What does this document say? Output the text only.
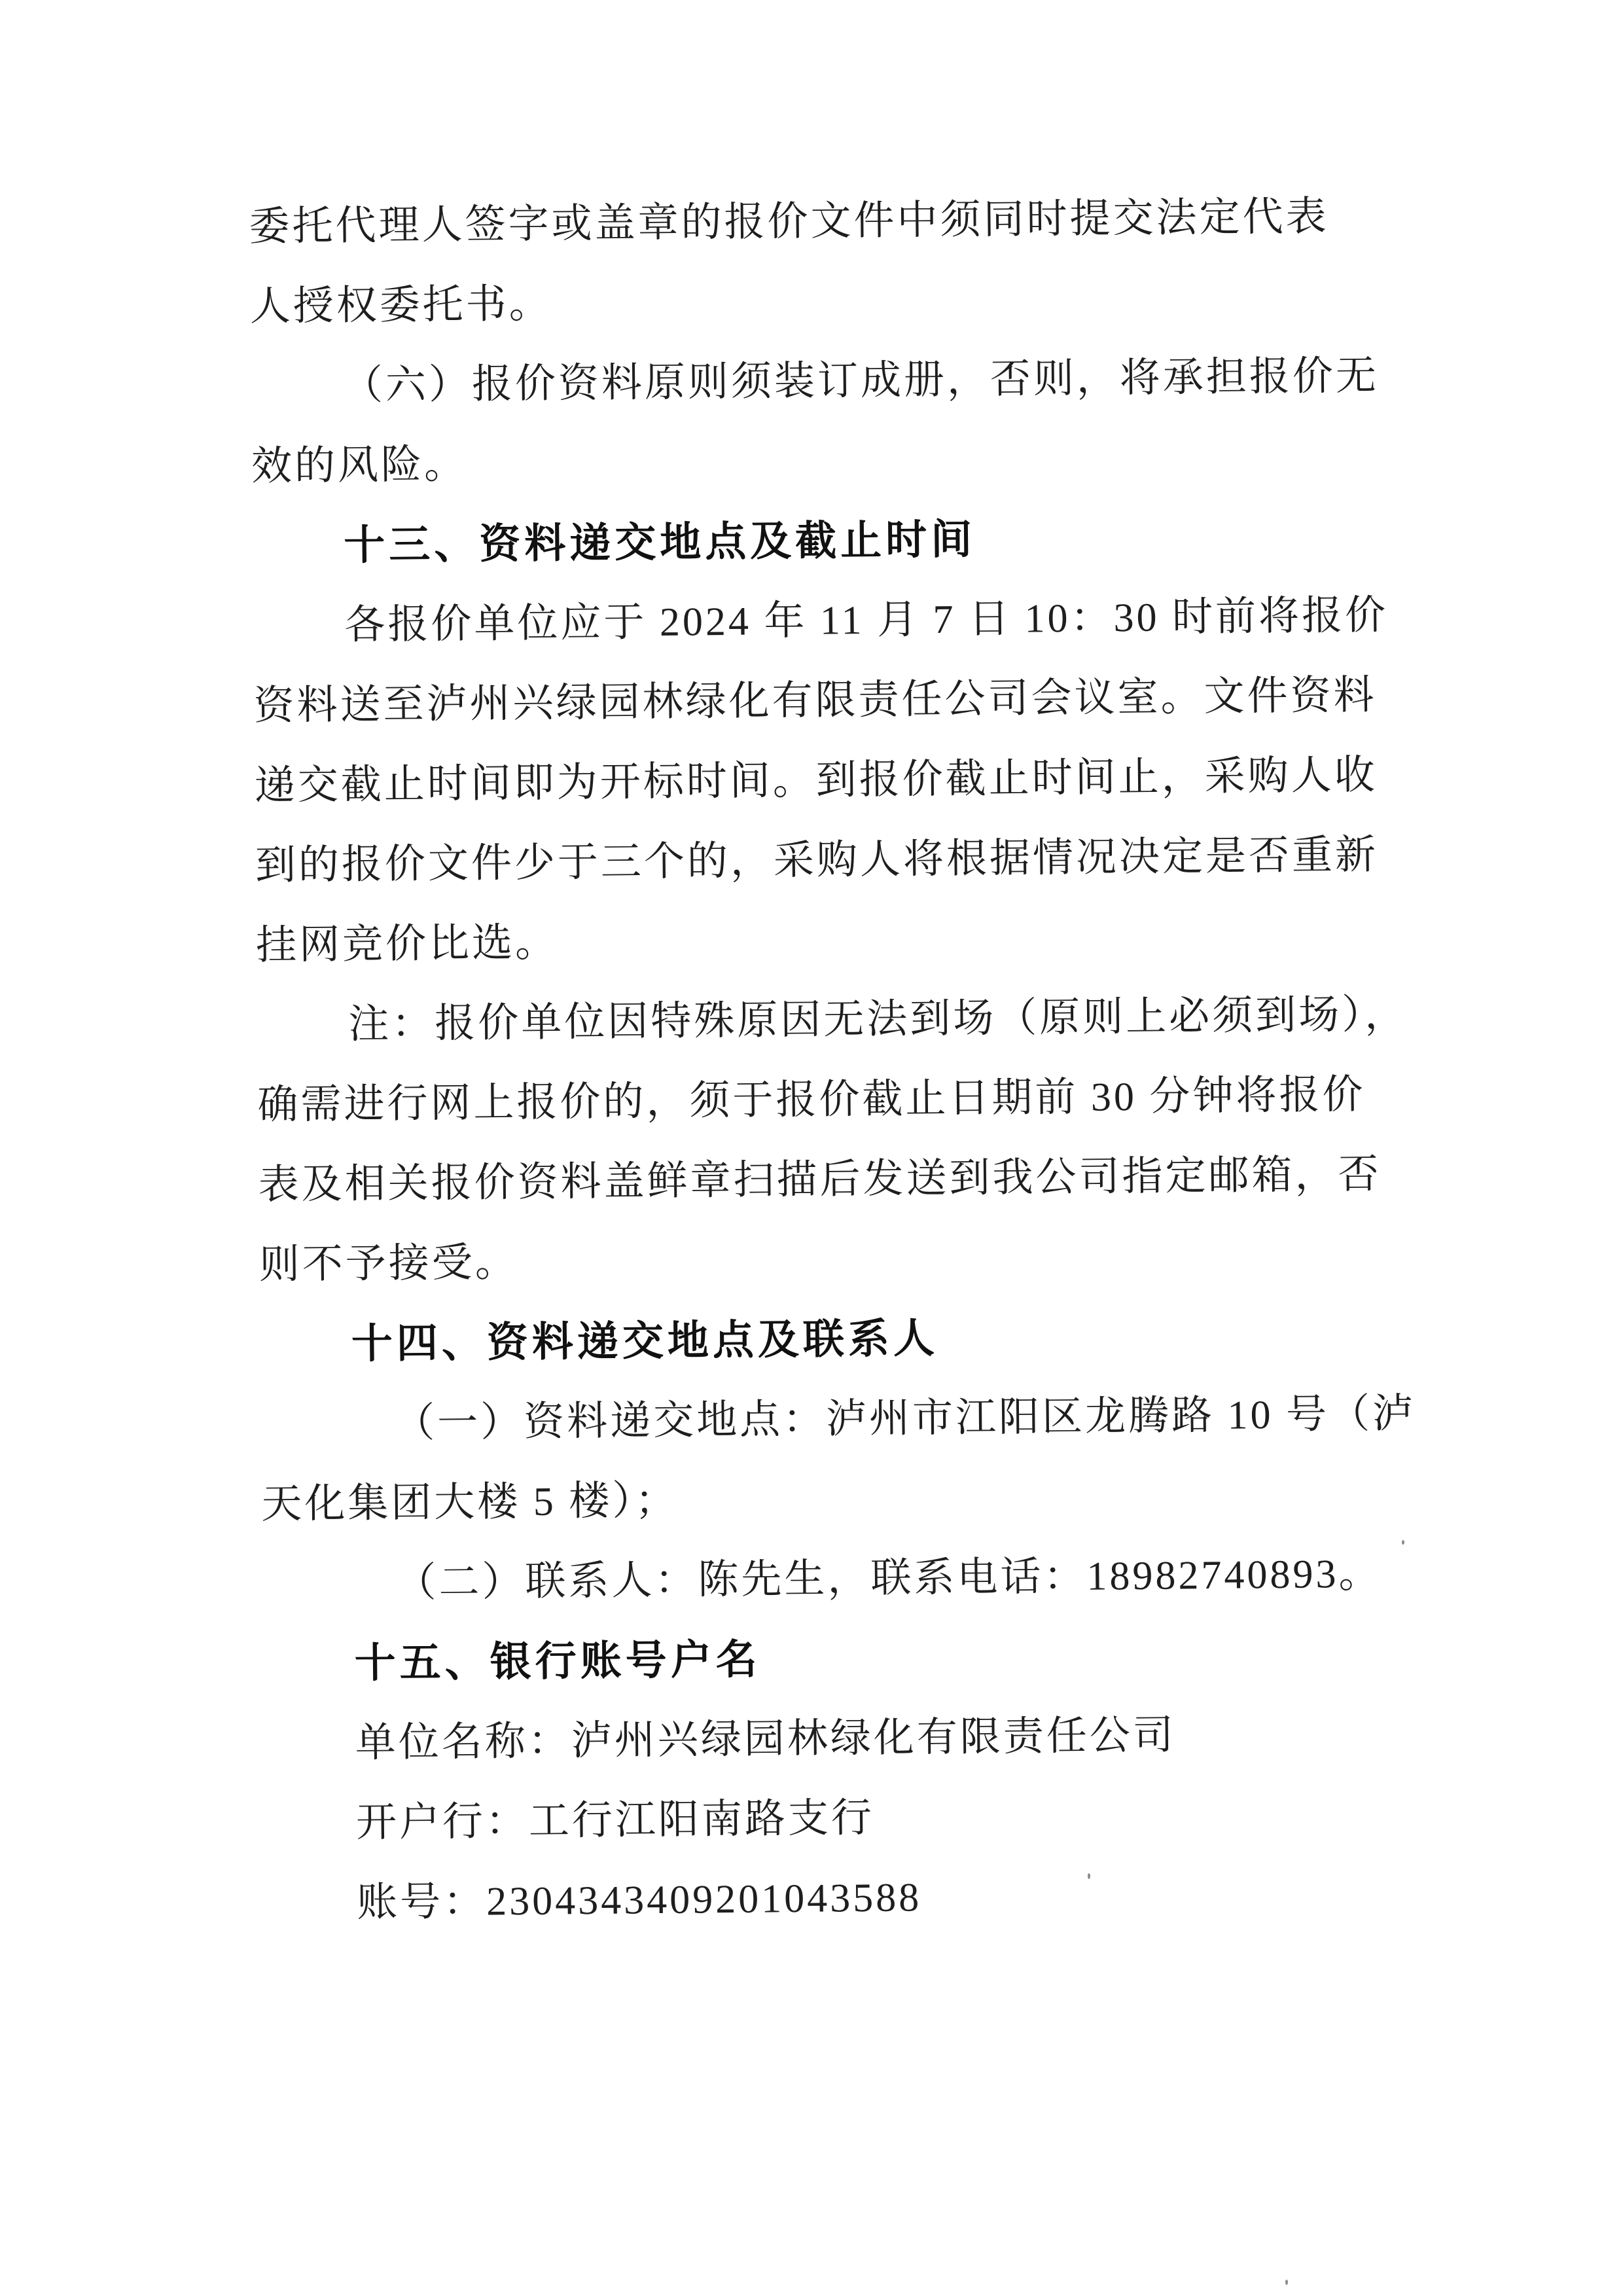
委托代理人签字或盖章的报价文件中须同时提交法定代表
人授权委托书。
（六）报价资料原则须装订成册，否则，将承担报价无
效的风险。
十三、资料递交地点及截止时间
各报价单位应于 2024 年 11 月 7 日 10：30 时前将报价
资料送至泸州兴绿园林绿化有限责任公司会议室。文件资料
递交截止时间即为开标时间。到报价截止时间止，采购人收
到的报价文件少于三个的，采购人将根据情况决定是否重新
挂网竞价比选。
注：报价单位因特殊原因无法到场（原则上必须到场），
确需进行网上报价的，须于报价截止日期前 30 分钟将报价
表及相关报价资料盖鲜章扫描后发送到我公司指定邮箱，否
则不予接受。
十四、资料递交地点及联系人
（一）资料递交地点：泸州市江阳区龙腾路 10 号（泸
天化集团大楼 5 楼）；
（二）联系人：陈先生，联系电话：18982740893。
十五、银行账号户名
单位名称：泸州兴绿园林绿化有限责任公司
开户行：工行江阳南路支行
账号：2304343409201043588
